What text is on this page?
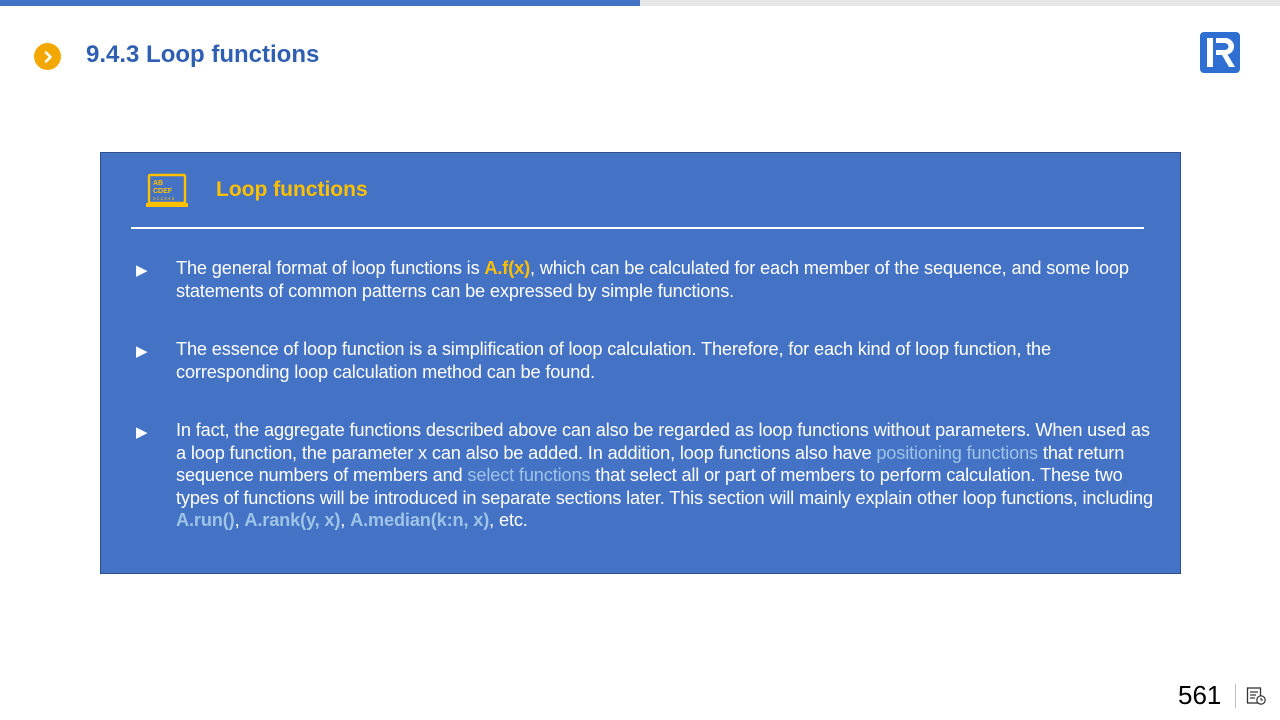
9.4.3 Loop functions
AB
CDEF
0 1 2 3 4 5 Loop functions
▶ The general format of loop functions is A.f(x), which can be calculated for each member of the sequence, and some loop statements of common patterns can be expressed by simple functions.
▶ The essence of loop function is a simplification of loop calculation. Therefore, for each kind of loop function, the corresponding loop calculation method can be found.
▶ In fact, the aggregate functions described above can also be regarded as loop functions without parameters. When used as a loop function, the parameter x can also be added. In addition, loop functions also have positioning functions that return sequence numbers of members and select functions that select all or part of members to perform calculation. These two types of functions will be introduced in separate sections later. This section will mainly explain other loop functions, including A.run(), A.rank(y, x), A.median(k:n, x), etc.
561
